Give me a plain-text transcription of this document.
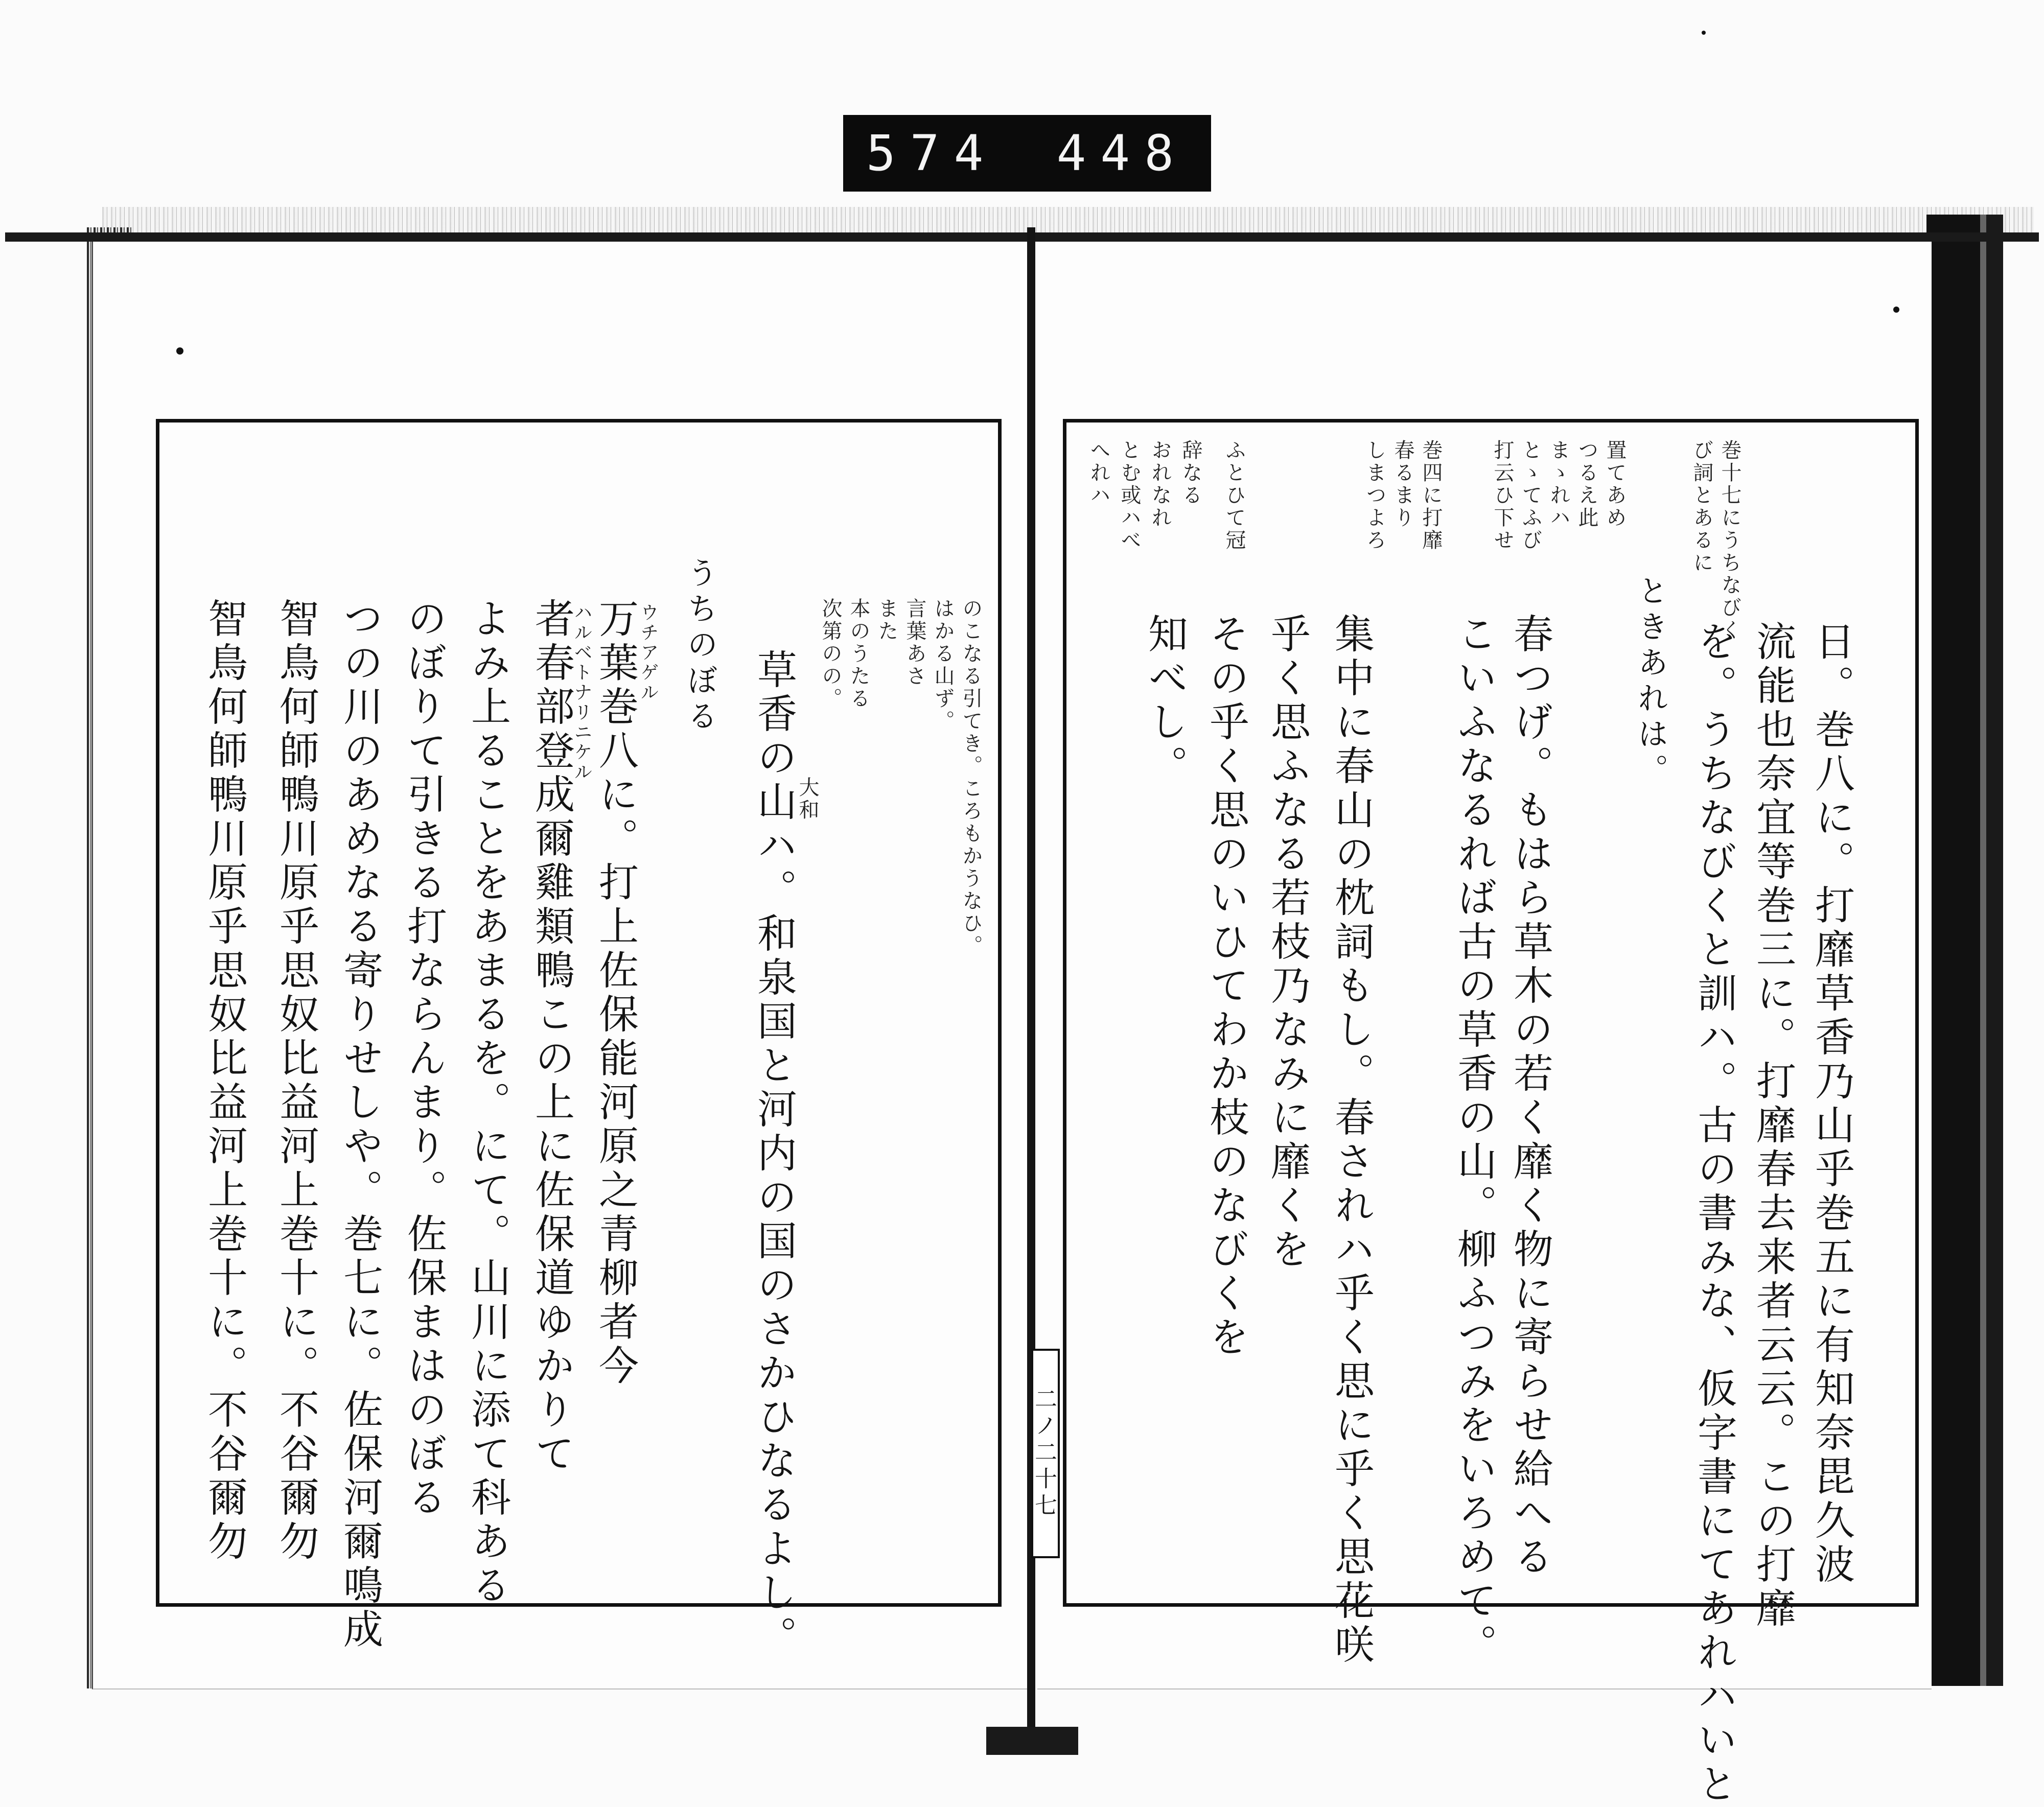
574 448
日。巻八に。打靡草香乃山乎巻五に有知奈毘久波
流能也奈宜等巻三に。打靡春去来者云云。この打靡
を。うちなびくと訓ハ。古の書みな、仮字書にてあれハいと
ときあれは。
春つげ。もはら草木の若く靡く物に寄らせ給へる
こいふなるれば古の草香の山。柳ふつみをいろめて。
集中に春山の枕詞もし。春されハ乎く思に乎く思花咲
乎く思ふなる若枝乃なみに靡くを
その乎く思のいひてわか枝のなびくを
知べし。
巻十七にうちなびく
び詞とあるに
置てあめ
つるえ此
まゝれハ
とゝてふび
打云ひ下せ
巻四に打靡
春るまり
しまつよろ
ふとひて冠
辞なる
おれなれ
とむ或ハべ
へれハ
二ノ二十七
のこなる引てき。ころもかうなひ。
はかる山ず。
言葉あさ
また
本のうたる
次第のの。
草香の山ハ。和泉国と河内の国のさかひなるよし。
大和
うちのぼる
万葉巻八に。打上佐保能河原之青柳者今 ウチアゲル
者春部登成爾雞類鴨この上に佐保道ゆかりて
ハルベトナリニケル
よみ上ることをあまるを。にて。山川に添て科ある
のぼりて引きる打ならんまり。佐保まはのぼる
つの川のあめなる寄りせしや。巻七に。佐保河爾鳴成
智鳥何師鴨川原乎思奴比益河上巻十に。不谷爾勿
智鳥何師鴨川原乎思奴比益河上巻十に。不谷爾勿
